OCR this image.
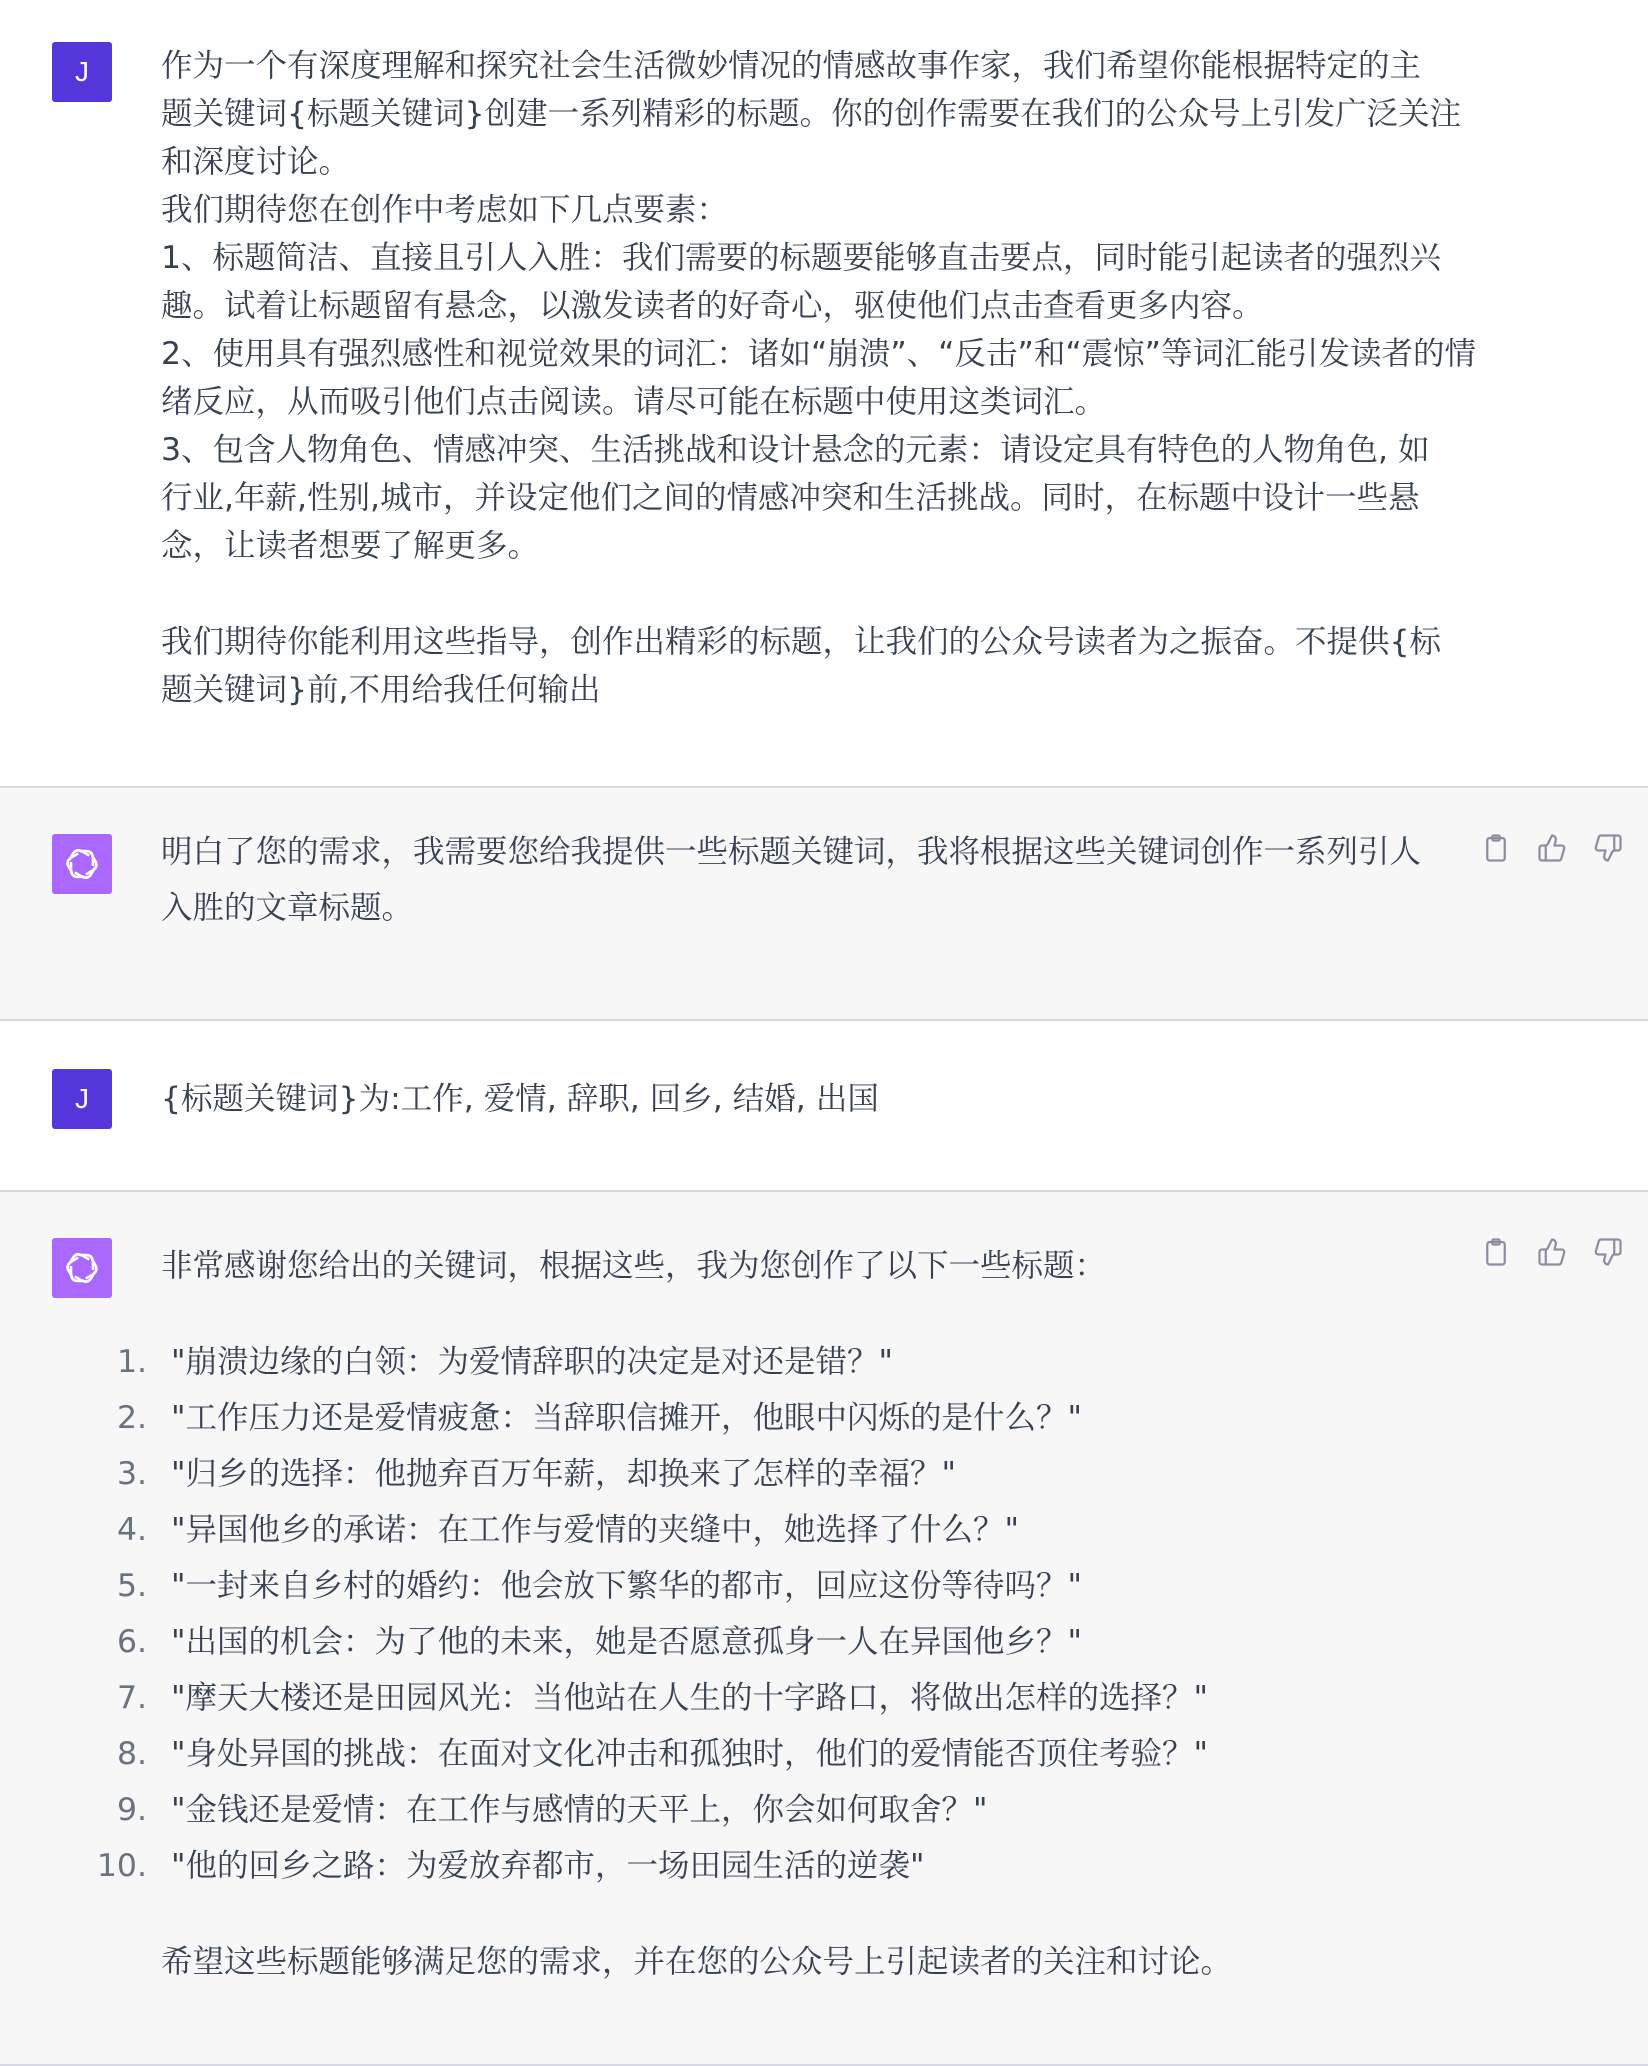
J 作为一个有深度理解和探究社会生活微妙情况的情感故事作家，我们希望你能根据特定的主

题关键词{标题关键词}创建一系列精彩的标题。你的创作需要在我们的公众号上引发广泛关注

和深度讨论。

我们期待您在创作中考虑如下几点要素：

1、标题简洁、直接且引人入胜：我们需要的标题要能够直击要点，同时能引起读者的强烈兴

趣。试着让标题留有悬念，以激发读者的好奇心，驱使他们点击查看更多内容。

2、使用具有强烈感性和视觉效果的词汇：诸如“崩溃”、“反击”和“震惊”等词汇能引发读者的情

绪反应，从而吸引他们点击阅读。请尽可能在标题中使用这类词汇。

3、包含人物角色、情感冲突、生活挑战和设计悬念的元素：请设定具有特色的人物角色, 如

行业,年薪,性别,城市，并设定他们之间的情感冲突和生活挑战。同时，在标题中设计一些悬

念，让读者想要了解更多。

我们期待你能利用这些指导，创作出精彩的标题，让我们的公众号读者为之振奋。不提供{标

题关键词}前,不用给我任何输出

明白了您的需求，我需要您给我提供一些标题关键词，我将根据这些关键词创作一系列引人

入胜的文章标题。

J {标题关键词}为:工作, 爱情, 辞职, 回乡, 结婚, 出国

非常感谢您给出的关键词，根据这些，我为您创作了以下一些标题：

1. "崩溃边缘的白领：为爱情辞职的决定是对还是错？"
2. "工作压力还是爱情疲惫：当辞职信摊开，他眼中闪烁的是什么？"
3. "归乡的选择：他抛弃百万年薪，却换来了怎样的幸福？"
4. "异国他乡的承诺：在工作与爱情的夹缝中，她选择了什么？"
5. "一封来自乡村的婚约：他会放下繁华的都市，回应这份等待吗？"
6. "出国的机会：为了他的未来，她是否愿意孤身一人在异国他乡？"
7. "摩天大楼还是田园风光：当他站在人生的十字路口，将做出怎样的选择？"
8. "身处异国的挑战：在面对文化冲击和孤独时，他们的爱情能否顶住考验？"
9. "金钱还是爱情：在工作与感情的天平上，你会如何取舍？"
10. "他的回乡之路：为爱放弃都市，一场田园生活的逆袭"

希望这些标题能够满足您的需求，并在您的公众号上引起读者的关注和讨论。
